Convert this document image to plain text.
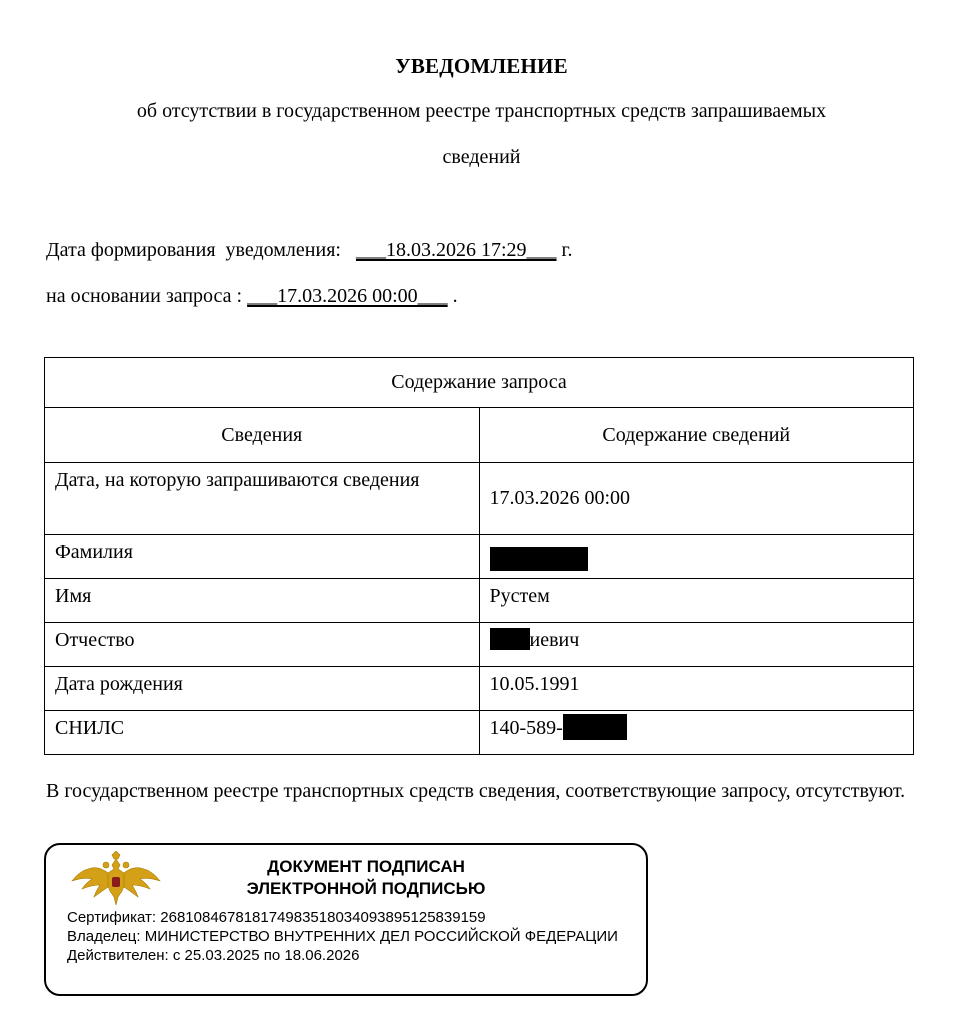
УВЕДОМЛЕНИЕ
об отсутствии в государственном реестре транспортных средств запрашиваемых
сведений
Дата формирования  уведомления: ___18.03.2026 17:29___ г.
на основании запроса : ___17.03.2026 00:00___ .
Содержание запроса	
Сведения	Содержание сведений
Дата, на которую запрашиваются сведения	17.03.2026 00:00
Фамилия	
Имя	Рустем
Отчество	иевич
Дата рождения	10.05.1991
СНИЛС	140-589-
В государственном реестре транспортных средств сведения, соответствующие запросу, отсутствуют.
ДОКУМЕНТ ПОДПИСАН
ЭЛЕКТРОННОЙ ПОДПИСЬЮ
Сертификат: 268108467818174983518034093895125839159
Владелец: МИНИСТЕРСТВО ВНУТРЕННИХ ДЕЛ РОССИЙСКОЙ ФЕДЕРАЦИИ
Действителен: с 25.03.2025 по 18.06.2026
